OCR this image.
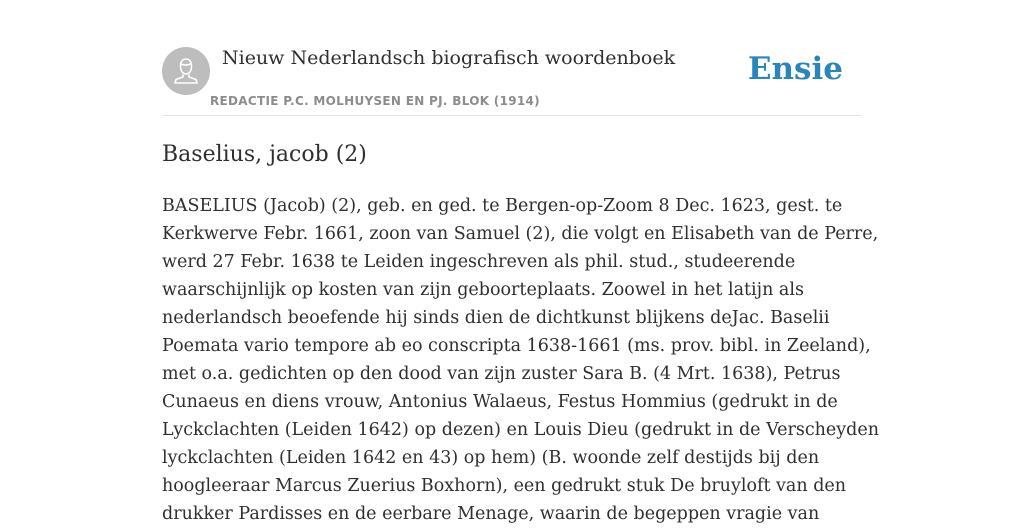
Nieuw Nederlandsch biografisch woordenboek
REDACTIE P.C. MOLHUYSEN EN PJ. BLOK (1914)
Ensie
Baselius, jacob (2)
BASELIUS (Jacob) (2), geb. en ged. te Bergen-op-Zoom 8 Dec. 1623, gest. te
Kerkwerve Febr. 1661, zoon van Samuel (2), die volgt en Elisabeth van de Perre,
werd 27 Febr. 1638 te Leiden ingeschreven als phil. stud., studeerende
waarschijnlijk op kosten van zijn geboorteplaats. Zoowel in het latijn als
nederlandsch beoefende hij sinds dien de dichtkunst blijkens deJac. Baselii
Poemata vario tempore ab eo conscripta 1638-1661 (ms. prov. bibl. in Zeeland),
met o.a. gedichten op den dood van zijn zuster Sara B. (4 Mrt. 1638), Petrus
Cunaeus en diens vrouw, Antonius Walaeus, Festus Hommius (gedrukt in de
Lyckclachten (Leiden 1642) op dezen) en Louis Dieu (gedrukt in de Verscheyden
lyckclachten (Leiden 1642 en 43) op hem) (B. woonde zelf destijds bij den
hoogleeraar Marcus Zuerius Boxhorn), een gedrukt stuk De bruyloft van den
drukker Pardisses en de eerbare Menage, waarin de begeppen vragie van
